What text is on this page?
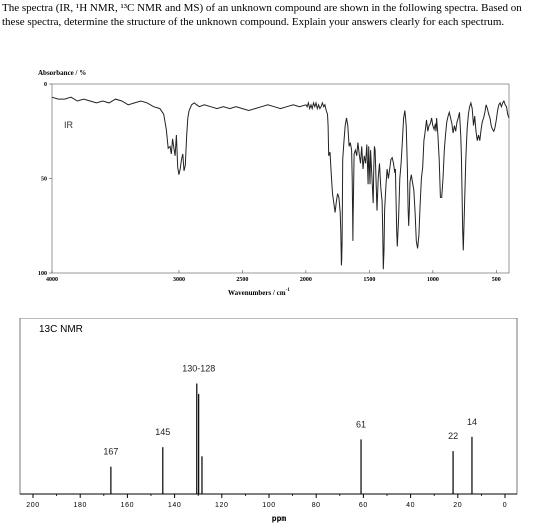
The spectra (IR, ¹H NMR, ¹³C NMR and MS) of an unknown compound are shown in the following spectra. Based on these spectra, determine the structure of the unknown compound. Explain your answers clearly for each spectrum.

Absorbance / %
0
50
100
4000	3000	2500	2000	1500	1000	500
IR
Wavenumbers / $cm^{-1}$
13C NMR
200	180	160	140	120	100	80	60	40	20	0
167
145
130-128
61
22
14
ppm
